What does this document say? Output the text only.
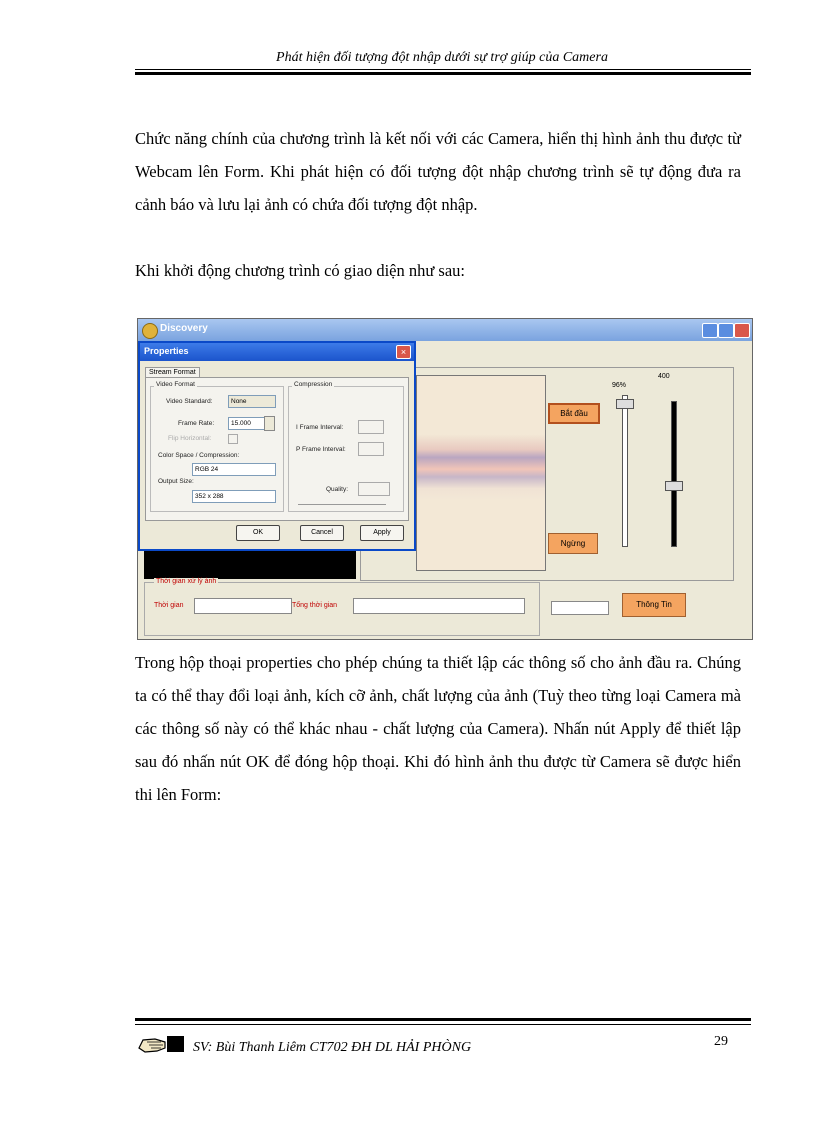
Phát hiện đối tượng đột nhập dưới sự trợ giúp của Camera
Chức năng chính của chương trình là kết nối với các Camera, hiển thị hình ảnh thu được từ Webcam lên Form. Khi phát hiện có đối tượng đột nhập chương trình sẽ tự động đưa ra cảnh báo và lưu lại ảnh có chứa đối tượng đột nhập.
Khi khởi động chương trình có giao diện như sau:
Discovery
Bắt đầu
Ngừng
96%
400
Thời gian xử lý ảnh
Thời gian	Tổng thời gian	Thông Tin
Properties	×
Stream Format
Video Format
Video Standard:	None
Frame Rate:	15.000
Flip Horizontal:
Color Space / Compression:
RGB 24
Output Size:
352 x 288
Compression
I Frame Interval:
P Frame Interval:
Quality:
OK	Cancel	Apply
Trong hộp thoại properties cho phép chúng ta thiết lập các thông số cho ảnh đầu ra. Chúng ta có thể thay đổi loại ảnh, kích cỡ ảnh, chất lượng của ảnh (Tuỳ theo từng loại Camera mà các thông số này có thể khác nhau - chất lượng của Camera). Nhấn nút Apply để thiết lập sau đó nhấn nút OK để đóng hộp thoại. Khi đó hình ảnh thu được từ Camera sẽ được hiển thi lên Form:
SV: Bùi Thanh Liêm CT702 ĐH DL HẢI PHÒNG	29
